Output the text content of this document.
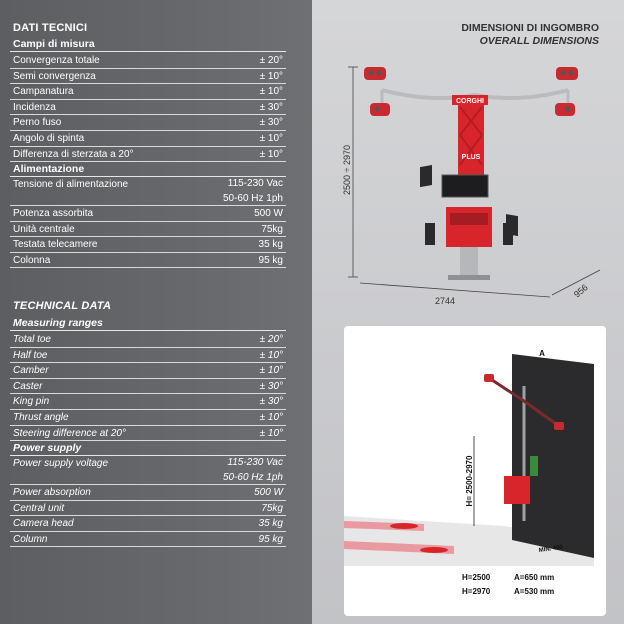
DATI TECNICI
Campi di misura
Convergenza totale	± 20°
Semi convergenza	± 10°
Campanatura	± 10°
Incidenza	± 30°
Perno fuso	± 30°
Angolo di spinta	± 10°
Differenza di sterzata a 20°	± 10°
Alimentazione
Tensione di alimentazione	115-230 Vac
50-60 Hz 1ph
Potenza assorbita	500 W
Unità centrale	75kg
Testata telecamere	35 kg
Colonna	95 kg
TECHNICAL DATA
Measuring ranges
Total toe	± 20°
Half toe	± 10°
Camber	± 10°
Caster	± 30°
King pin	± 30°
Thrust angle	± 10°
Steering difference at 20°	± 10°
Power supply
Power supply voltage	115-230 Vac
50-60 Hz 1ph
Power absorption	500 W
Central unit	75kg
Camera head	35 kg
Column	95 kg
DIMENSIONI DI INGOMBRO
OVERALL DIMENSIONS
2500 ÷ 2970
2744
956
CORGHI
PLUS
A
H= 2500-2970
MIN. 400
H=2500	A=650 mm
H=2970	A=530 mm
